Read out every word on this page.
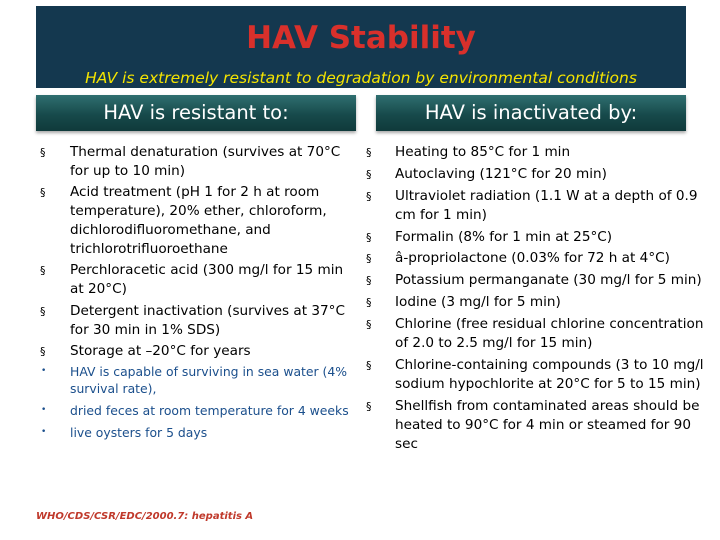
HAV Stability
HAV is extremely resistant to degradation by environmental conditions
HAV is resistant to:	HAV is inactivated by:
§ Thermal denaturation (survives at 70°C for up to 10 min)
§ Acid treatment (pH 1 for 2 h at room temperature), 20% ether, chloroform, dichlorodifluoromethane, and trichlorotrifluoroethane
§ Perchloracetic acid (300 mg/l for 15 min at 20°C)
§ Detergent inactivation (survives at 37°C for 30 min in 1% SDS)
§ Storage at –20°C for years
• HAV is capable of surviving in sea water (4% survival rate),
• dried feces at room temperature for 4 weeks
• live oysters for 5 days
§ Heating to 85°C for 1 min
§ Autoclaving (121°C for 20 min)
§ Ultraviolet radiation (1.1 W at a depth of 0.9 cm for 1 min)
§ Formalin (8% for 1 min at 25°C)
§ â-propriolactone (0.03% for 72 h at 4°C)
§ Potassium permanganate (30 mg/l for 5 min)
§ Iodine (3 mg/l for 5 min)
§ Chlorine (free residual chlorine concentration of 2.0 to 2.5 mg/l for 15 min)
§ Chlorine-containing compounds (3 to 10 mg/l sodium hypochlorite at 20°C for 5 to 15 min)
§ Shellfish from contaminated areas should be heated to 90°C for 4 min or steamed for 90 sec
WHO/CDS/CSR/EDC/2000.7: hepatitis A
